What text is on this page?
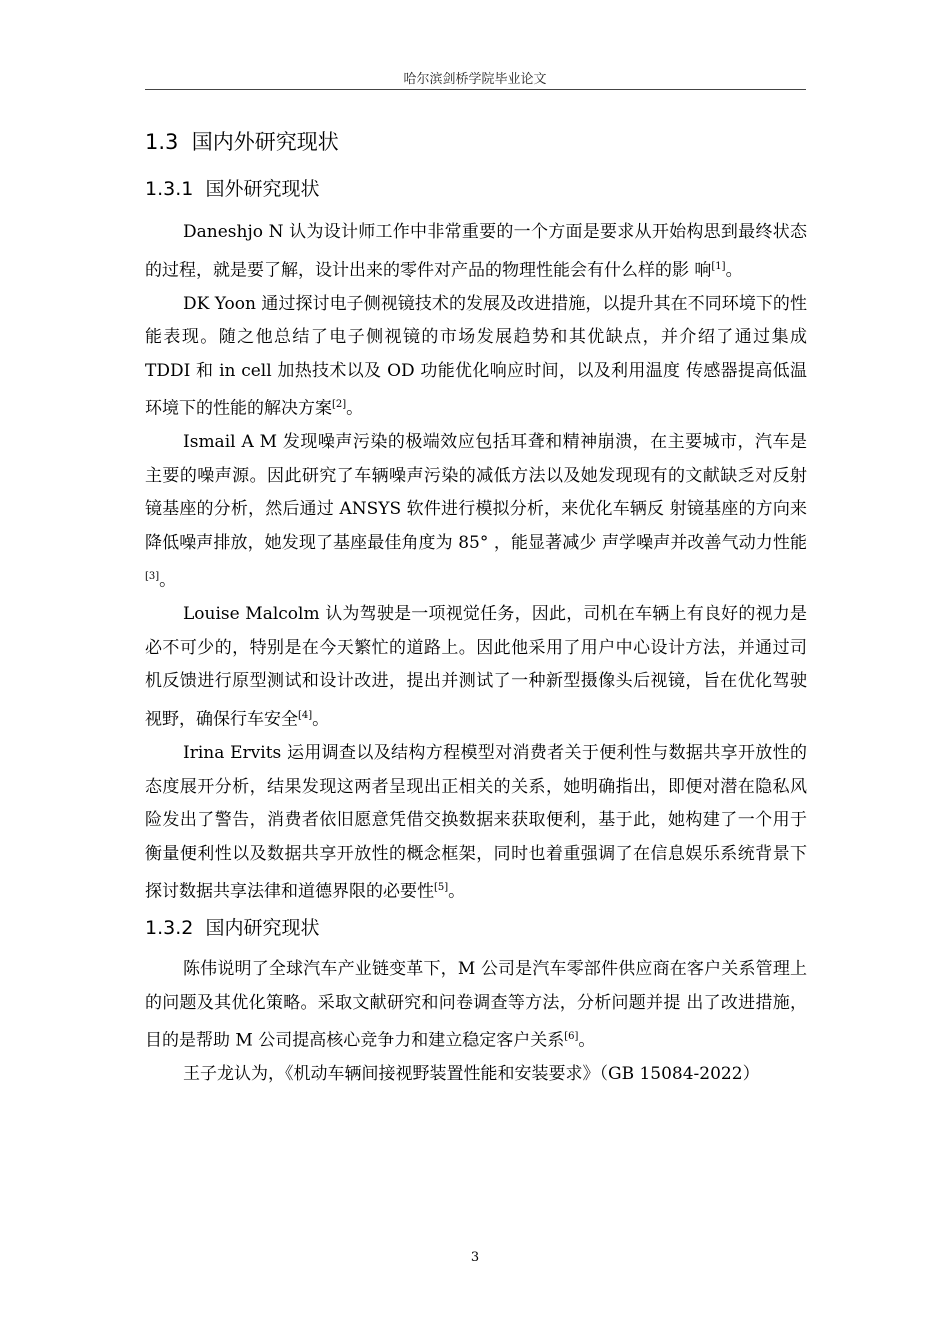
哈尔滨剑桥学院毕业论文
1.3 国内外研究现状
1.3.1 国外研究现状

Daneshjo N 认为设计师工作中非常重要的一个方面是要求从开始构思到最终状态的过程，就是要了解，设计出来的零件对产品的物理性能会有什么样的影 响[1]。

DK Yoon 通过探讨电子侧视镜技术的发展及改进措施，以提升其在不同环境下的性能表现。随之他总结了电子侧视镜的市场发展趋势和其优缺点，并介绍了通过集成 TDDI 和 in cell 加热技术以及 OD 功能优化响应时间，以及利用温度 传感器提高低温环境下的性能的解决方案[2]。

Ismail A M 发现噪声污染的极端效应包括耳聋和精神崩溃，在主要城市，汽车是主要的噪声源。因此研究了车辆噪声污染的减低方法以及她发现现有的文献缺乏对反射镜基座的分析，然后通过 ANSYS 软件进行模拟分析，来优化车辆反 射镜基座的方向来降低噪声排放，她发现了基座最佳角度为 85° ，能显著减少 声学噪声并改善气动力性能[3]。

Louise Malcolm 认为驾驶是一项视觉任务，因此，司机在车辆上有良好的视力是必不可少的，特别是在今天繁忙的道路上。因此他采用了用户中心设计方法，并通过司机反馈进行原型测试和设计改进，提出并测试了一种新型摄像头后视镜，旨在优化驾驶视野，确保行车安全[4]。

Irina Ervits 运用调查以及结构方程模型对消费者关于便利性与数据共享开放性的态度展开分析，结果发现这两者呈现出正相关的关系，她明确指出，即便对潜在隐私风险发出了警告，消费者依旧愿意凭借交换数据来获取便利，基于此，她构建了一个用于衡量便利性以及数据共享开放性的概念框架，同时也着重强调了在信息娱乐系统背景下探讨数据共享法律和道德界限的必要性[5]。

1.3.2 国内研究现状

陈伟说明了全球汽车产业链变革下，M 公司是汽车零部件供应商在客户关系管理上的问题及其优化策略。采取文献研究和问卷调查等方法，分析问题并提 出了改进措施， 目的是帮助 M 公司提高核心竞争力和建立稳定客户关系[6]。

王子龙认为，《机动车辆间接视野装置性能和安装要求》（GB 15084-2022）

3
